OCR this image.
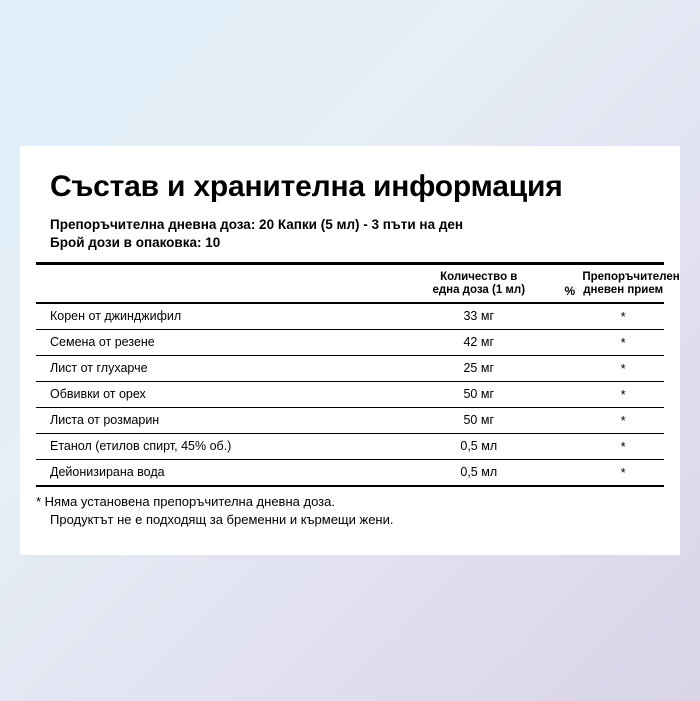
Състав и хранителна информация
Препоръчителна дневна доза: 20 Капки (5 мл) - 3 пъти на ден
Брой дози в опаковка: 10
	Количество в
една доза (1 мл)	%	Препоръчителен
дневен прием
Корен от джинджифил	33 мг		*
Семена от резене	42 мг		*
Лист от глухарче	25 мг		*
Обвивки от орех	50 мг		*
Листа от розмарин	50 мг		*
Етанол (етилов спирт, 45% об.)	0,5 мл		*
Дейонизирана вода	0,5 мл		*
* Няма установена препоръчителна дневна доза.
Продуктът не е подходящ за бременни и кърмещи жени.
